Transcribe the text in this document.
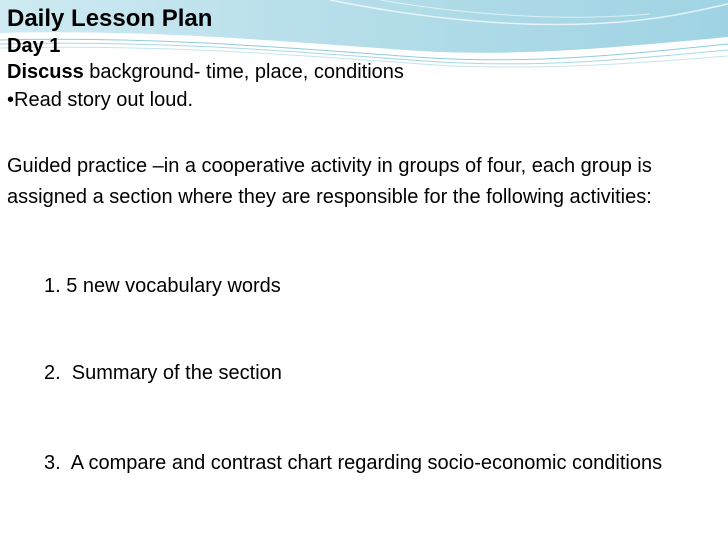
Daily Lesson Plan
Day 1
Discuss background- time, place, conditions
•Read story out loud.
Guided practice –in a cooperative activity in groups of four, each group is assigned a section where they are responsible for the following activities:
1. 5 new vocabulary words
2.  Summary of the section
3.  A compare and contrast chart regarding socio-economic conditions
